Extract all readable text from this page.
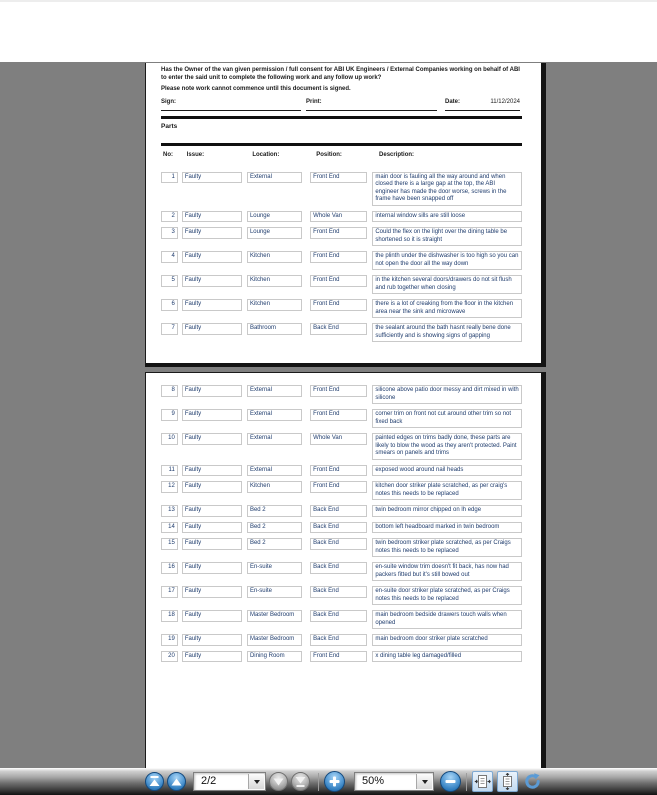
Has the Owner of the van given permission / full consent for ABI UK Engineers / External Companies working on behalf of ABI to enter the said unit to complete the following work and any follow up work?

Please note work cannot commence until this document is signed.

Sign:	Print:	Date:	11/12/2024
Parts
No:	Issue:	Location:	Position:	Description:
1	Faulty	External	Front End	main door is fauling all the way around and when closed there is a large gap at the top, the ABI engineer has made the door worse, screws in the frame have been snapped off
2	Faulty	Lounge	Whole Van	internal window sills are still loose
3	Faulty	Lounge	Front End	Could the flex on the light over the dining table be shortened so it is straight
4	Faulty	Kitchen	Front End	the plinth under the dishwasher is too high so you can not open the door all the way down
5	Faulty	Kitchen	Front End	in the kitchen several doors/drawers do not sit flush and rub together when closing
6	Faulty	Kitchen	Front End	there is a lot of creaking from the floor in the kitchen area near the sink and microwave
7	Faulty	Bathroom	Back End	the sealant around the bath hasnt really bene done sufficiently and is showing signs of gapping
8	Faulty	External	Front End	silicone above patio door messy and dirt mixed in with silicone
9	Faulty	External	Front End	corner trim on front not cut around other trim so not fixed back
10	Faulty	External	Whole Van	painted edges on trims badly done, these parts are likely to blow the wood as they aren't protected. Paint smears on panels and trims
11	Faulty	External	Front End	exposed wood around nail heads
12	Faulty	Kitchen	Front End	kitchen door striker plate scratched, as per craig's notes this needs to be replaced
13	Faulty	Bed 2	Back End	twin bedroom mirror chipped on lh edge
14	Faulty	Bed 2	Back End	bottom left headboard marked in twin bedroom
15	Faulty	Bed 2	Back End	twin bedroom striker plate scratched, as per Craigs notes this needs to be replaced
16	Faulty	En-suite	Back End	en-suite window trim doesn't fit back, has now had packers fitted but it's still bowed out
17	Faulty	En-suite	Back End	en-suite door striker plate scratched, as per Craigs notes this needs to be replaced
18	Faulty	Master Bedroom	Back End	main bedroom bedside drawers touch walls when opened
19	Faulty	Master Bedroom	Back End	main bedroom door striker plate scratched
20	Faulty	Dining Room	Front End	x dining table leg damaged/filled
2/2	50%
